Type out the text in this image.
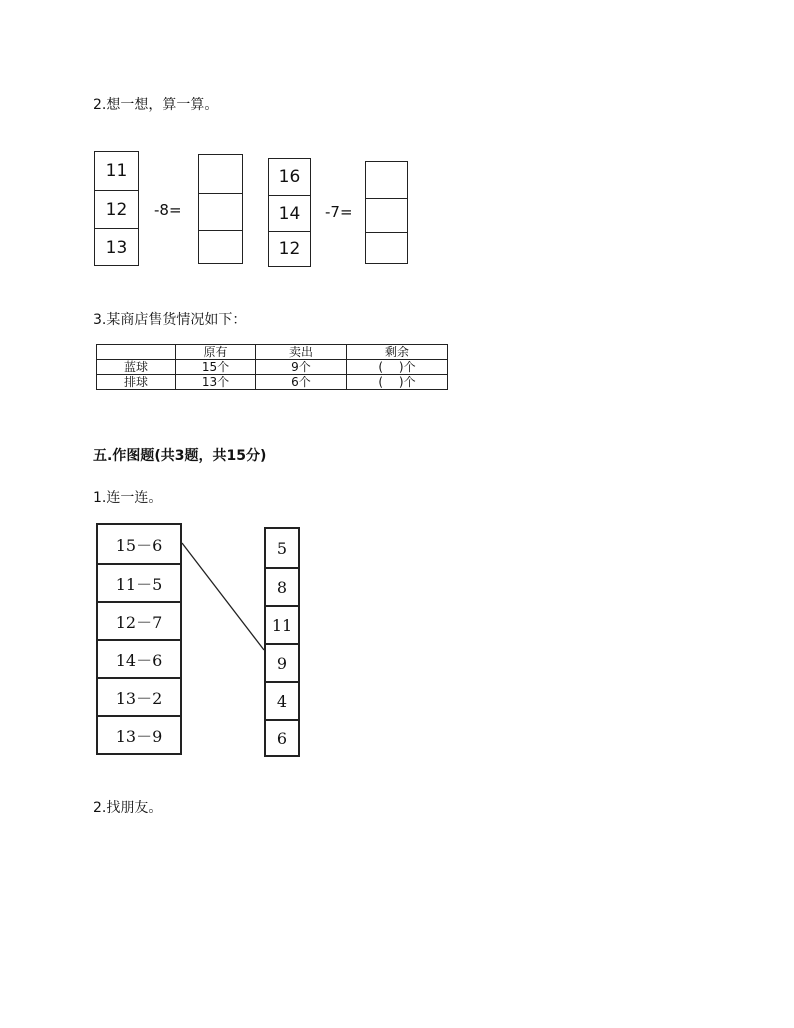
2.想一想，算一算。
11
12
13
-8=
16
14
12
-7=
3.某商店售货情况如下：
	原有	卖出	剩余
蓝球	15个	9个	(　 )个
排球	13个	6个	(　 )个
五.作图题(共3题，共15分)
1.连一连。
15－6
11－5
12－7
14－6
13－2
13－9
5
8
11
9
4
6
2.找朋友。
